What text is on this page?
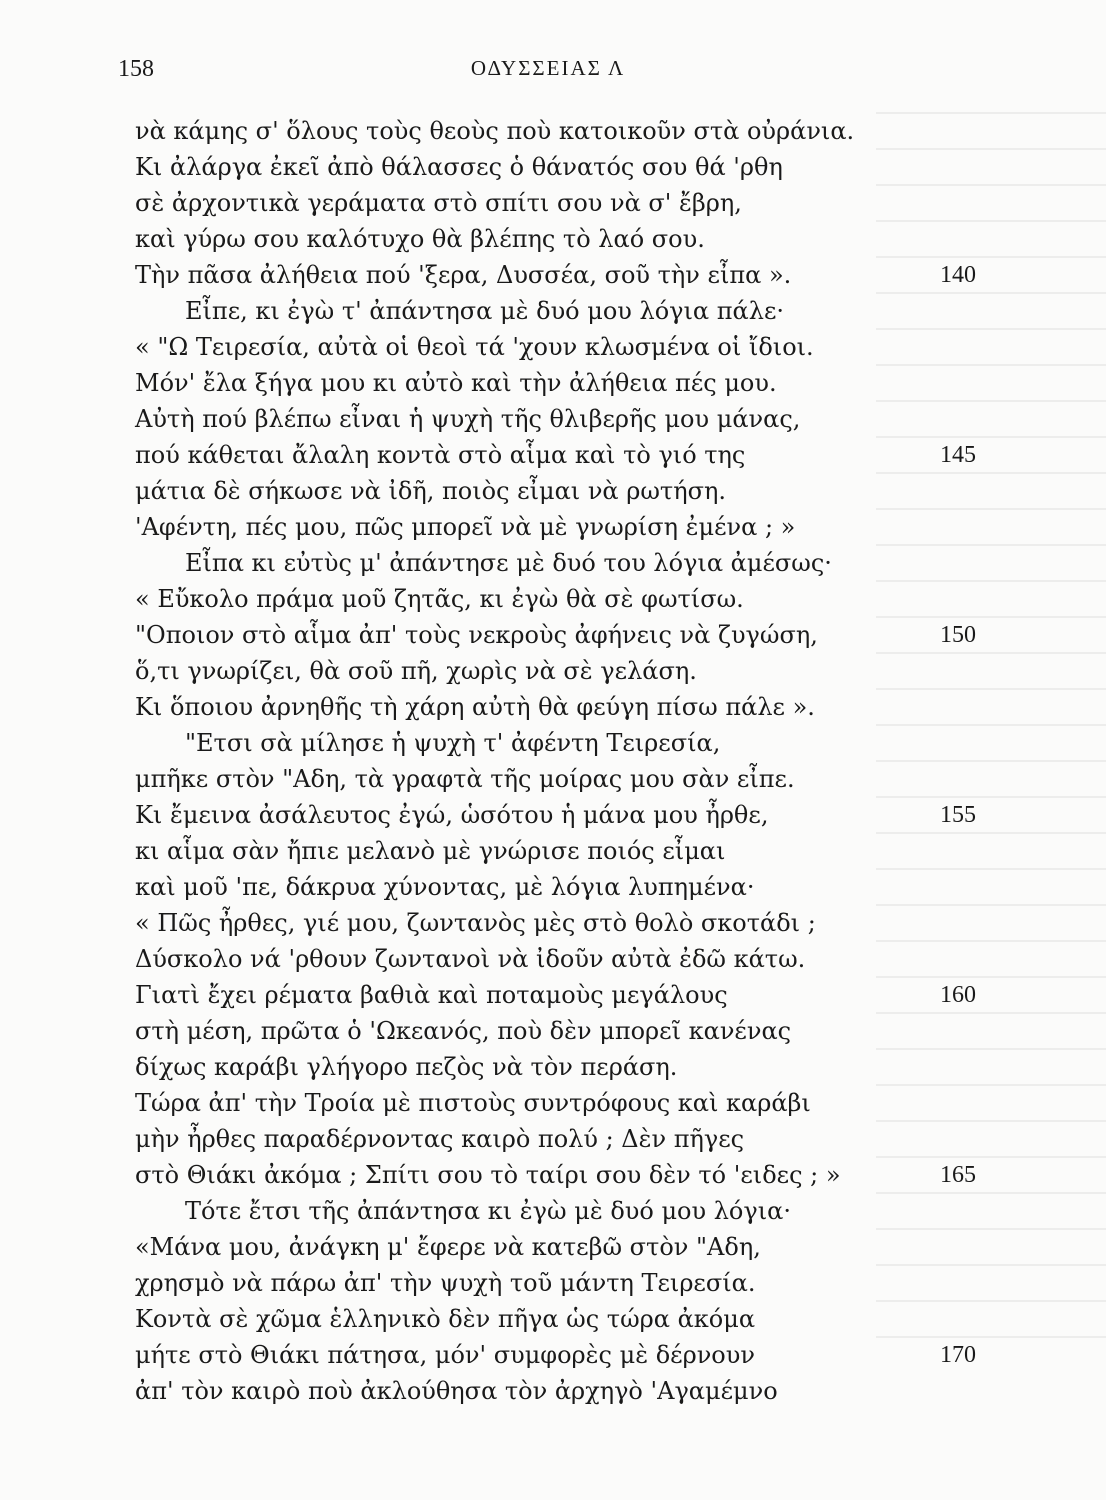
158	ΟΔΥΣΣΕΙΑΣ Λ
νὰ κάμης σ' ὅλους τοὺς θεοὺς ποὺ κατοικοῦν στὰ οὐράνια.
Κι ἀλάργα ἐκεῖ ἀπὸ θάλασσες ὁ θάνατός σου θά 'ρθη
σὲ ἀρχοντικὰ γεράματα στὸ σπίτι σου νὰ σ' ἔβρη,
καὶ γύρω σου καλότυχο θὰ βλέπης τὸ λαό σου.
Τὴν πᾶσα ἀλήθεια πού 'ξερα, Δυσσέα, σοῦ τὴν εἶπα ».	140
Εἶπε, κι ἐγὼ τ' ἀπάντησα μὲ δυό μου λόγια πάλε·
« "Ω Τειρεσία, αὐτὰ οἱ θεοὶ τά 'χουν κλωσμένα οἱ ἴδιοι.
Μόν' ἔλα ξήγα μου κι αὐτὸ καὶ τὴν ἀλήθεια πές μου.
Αὐτὴ πού βλέπω εἶναι ἡ ψυχὴ τῆς θλιβερῆς μου μάνας,
πού κάθεται ἄλαλη κοντὰ στὸ αἷμα καὶ τὸ γιό της	145
μάτια δὲ σήκωσε νὰ ἰδῆ, ποιὸς εἶμαι νὰ ρωτήση.
'Αφέντη, πές μου, πῶς μπορεῖ νὰ μὲ γνωρίση ἐμένα ; »
Εἶπα κι εὐτὺς μ' ἀπάντησε μὲ δυό του λόγια ἀμέσως·
« Εὔκολο πράμα μοῦ ζητᾶς, κι ἐγὼ θὰ σὲ φωτίσω.
"Οποιον στὸ αἷμα ἀπ' τοὺς νεκροὺς ἀφήνεις νὰ ζυγώση,	150
ὅ,τι γνωρίζει, θὰ σοῦ πῆ, χωρὶς νὰ σὲ γελάση.
Κι ὅποιου ἀρνηθῆς τὴ χάρη αὐτὴ θὰ φεύγη πίσω πάλε ».
"Ετσι σὰ μίλησε ἡ ψυχὴ τ' ἀφέντη Τειρεσία,
μπῆκε στὸν "Αδη, τὰ γραφτὰ τῆς μοίρας μου σὰν εἶπε.
Κι ἔμεινα ἀσάλευτος ἐγώ, ὡσότου ἡ μάνα μου ἦρθε,	155
κι αἷμα σὰν ἤπιε μελανὸ μὲ γνώρισε ποιός εἶμαι
καὶ μοῦ 'πε, δάκρυα χύνοντας, μὲ λόγια λυπημένα·
« Πῶς ἦρθες, γιέ μου, ζωντανὸς μὲς στὸ θολὸ σκοτάδι ;
Δύσκολο νά 'ρθουν ζωντανοὶ νὰ ἰδοῦν αὐτὰ ἐδῶ κάτω.
Γιατὶ ἔχει ρέματα βαθιὰ καὶ ποταμοὺς μεγάλους	160
στὴ μέση, πρῶτα ὁ 'Ωκεανός, ποὺ δὲν μπορεῖ κανένας
δίχως καράβι γλήγορο πεζὸς νὰ τὸν περάση.
Τώρα ἀπ' τὴν Τροία μὲ πιστοὺς συντρόφους καὶ καράβι
μὴν ἦρθες παραδέρνοντας καιρὸ πολύ ; Δὲν πῆγες
στὸ Θιάκι ἀκόμα ; Σπίτι σου τὸ ταίρι σου δὲν τό 'ειδες ; »	165
Τότε ἔτσι τῆς ἀπάντησα κι ἐγὼ μὲ δυό μου λόγια·
«Μάνα μου, ἀνάγκη μ' ἔφερε νὰ κατεβῶ στὸν "Αδη,
χρησμὸ νὰ πάρω ἀπ' τὴν ψυχὴ τοῦ μάντη Τειρεσία.
Κοντὰ σὲ χῶμα ἑλληνικὸ δὲν πῆγα ὡς τώρα ἀκόμα
μήτε στὸ Θιάκι πάτησα, μόν' συμφορὲς μὲ δέρνουν	170
ἀπ' τὸν καιρὸ ποὺ ἀκλούθησα τὸν ἀρχηγὸ 'Αγαμέμνο
